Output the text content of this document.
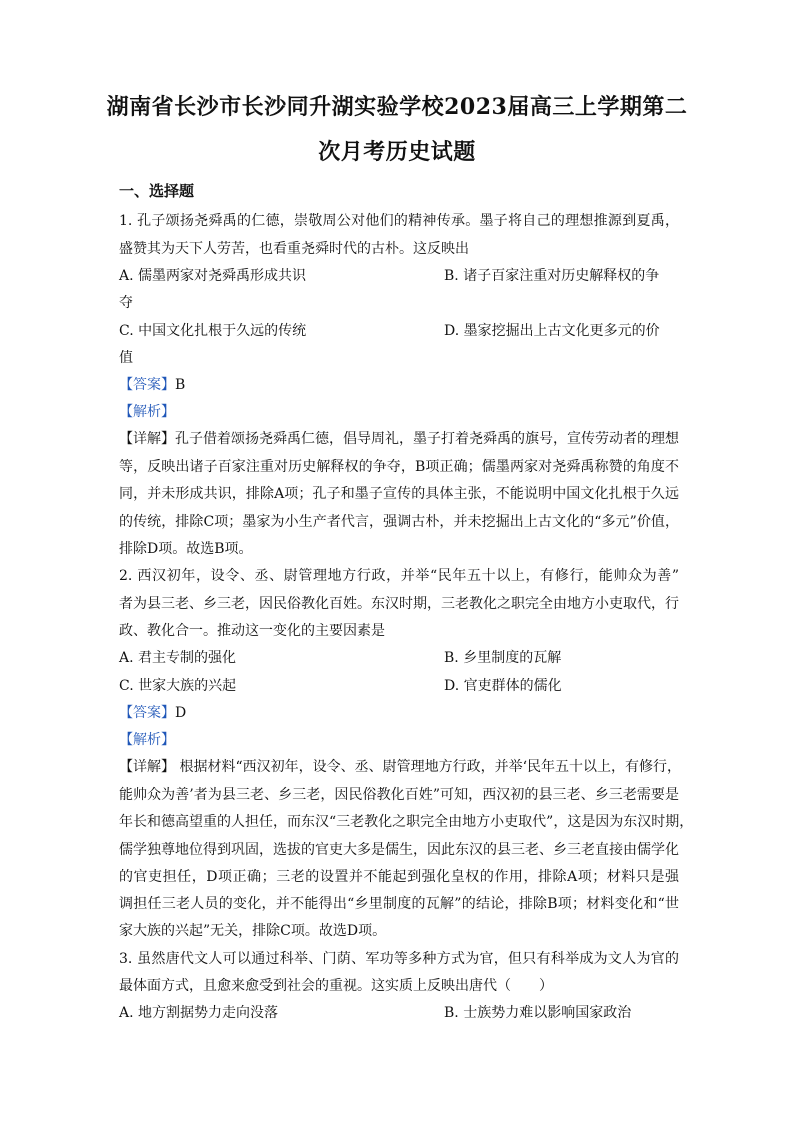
湖南省长沙市长沙同升湖实验学校2023届高三上学期第二
次月考历史试题
一、选择题
1. 孔子颂扬尧舜禹的仁德，崇敬周公对他们的精神传承。墨子将自己的理想推源到夏禹，
盛赞其为天下人劳苦，也看重尧舜时代的古朴。这反映出
A. 儒墨两家对尧舜禹形成共识	B. 诸子百家注重对历史解释权的争
夺
C. 中国文化扎根于久远的传统	D. 墨家挖掘出上古文化更多元的价
值
【答案】B
【解析】
【详解】孔子借着颂扬尧舜禹仁德，倡导周礼，墨子打着尧舜禹的旗号，宣传劳动者的理想
等，反映出诸子百家注重对历史解释权的争夺，B项正确；儒墨两家对尧舜禹称赞的角度不
同，并未形成共识，排除A项；孔子和墨子宣传的具体主张，不能说明中国文化扎根于久远
的传统，排除C项；墨家为小生产者代言，强调古朴，并未挖掘出上古文化的“多元”价值，
排除D项。故选B项。
2. 西汉初年，设令、丞、尉管理地方行政，并举“民年五十以上，有修行，能帅众为善”
者为县三老、乡三老，因民俗教化百姓。东汉时期，三老教化之职完全由地方小吏取代，行
政、教化合一。推动这一变化的主要因素是
A. 君主专制的强化	B. 乡里制度的瓦解
C. 世家大族的兴起	D. 官吏群体的儒化
【答案】D
【解析】
【详解】 根据材料“西汉初年，设令、丞、尉管理地方行政，并举‘民年五十以上，有修行，
能帅众为善’者为县三老、乡三老，因民俗教化百姓”可知，西汉初的县三老、乡三老需要是
年长和德高望重的人担任，而东汉“三老教化之职完全由地方小吏取代”，这是因为东汉时期，
儒学独尊地位得到巩固，选拔的官吏大多是儒生，因此东汉的县三老、乡三老直接由儒学化
的官吏担任，D项正确；三老的设置并不能起到强化皇权的作用，排除A项；材料只是强
调担任三老人员的变化，并不能得出“乡里制度的瓦解”的结论，排除B项；材料变化和“世
家大族的兴起”无关，排除C项。故选D项。
3. 虽然唐代文人可以通过科举、门荫、军功等多种方式为官，但只有科举成为文人为官的
最体面方式，且愈来愈受到社会的重视。这实质上反映出唐代（　　）
A. 地方割据势力走向没落	B. 士族势力难以影响国家政治
